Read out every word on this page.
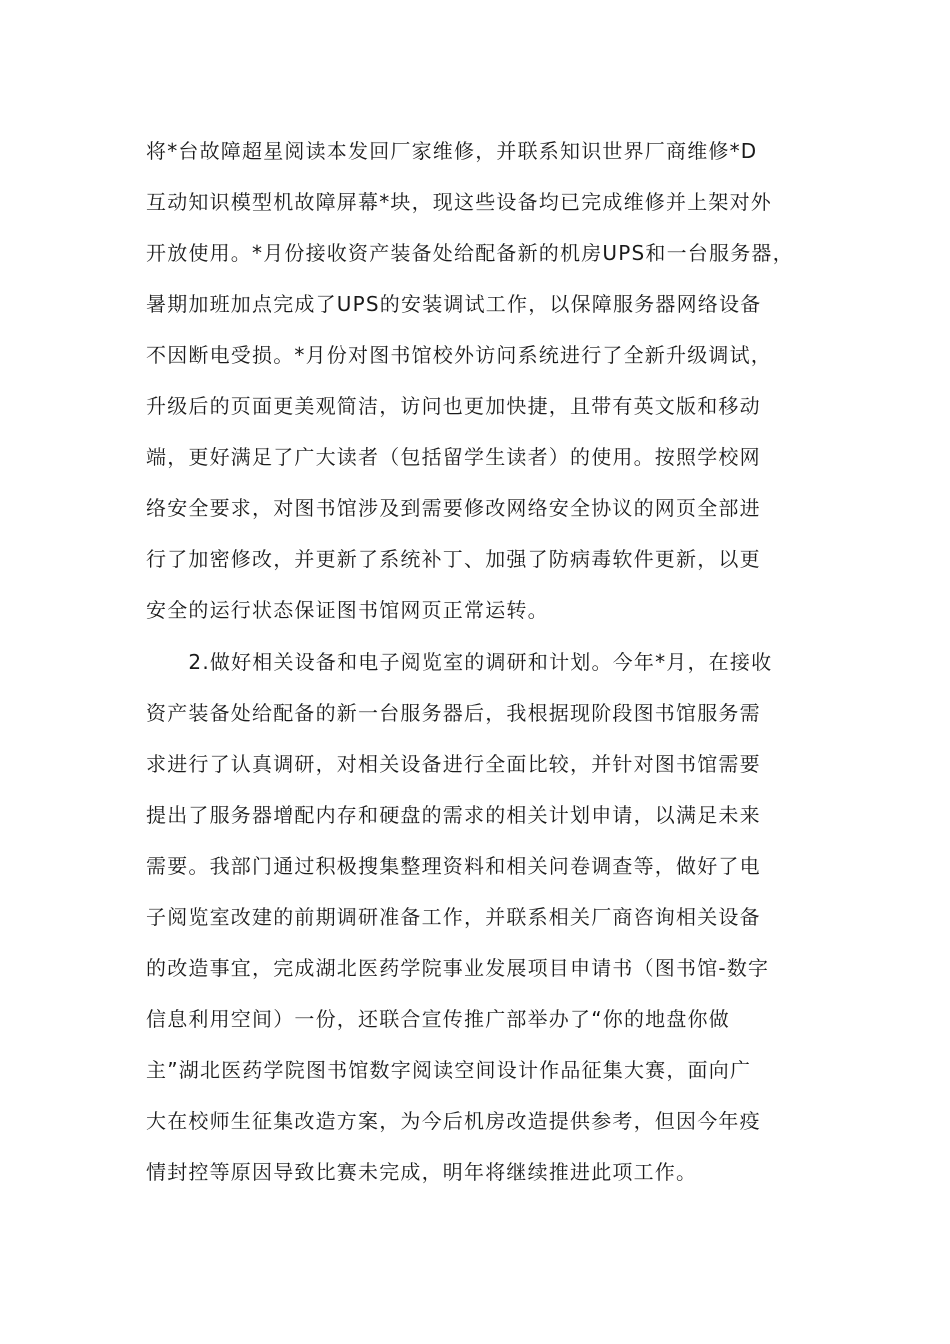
将*台故障超星阅读本发回厂家维修，并联系知识世界厂商维修*D
互动知识模型机故障屏幕*块，现这些设备均已完成维修并上架对外
开放使用。*月份接收资产装备处给配备新的机房UPS和一台服务器，
暑期加班加点完成了UPS的安装调试工作，以保障服务器网络设备
不因断电受损。*月份对图书馆校外访问系统进行了全新升级调试，
升级后的页面更美观简洁，访问也更加快捷，且带有英文版和移动
端，更好满足了广大读者（包括留学生读者）的使用。按照学校网
络安全要求，对图书馆涉及到需要修改网络安全协议的网页全部进
行了加密修改，并更新了系统补丁、加强了防病毒软件更新，以更
安全的运行状态保证图书馆网页正常运转。
　　2.做好相关设备和电子阅览室的调研和计划。今年*月，在接收
资产装备处给配备的新一台服务器后，我根据现阶段图书馆服务需
求进行了认真调研，对相关设备进行全面比较，并针对图书馆需要
提出了服务器增配内存和硬盘的需求的相关计划申请，以满足未来
需要。我部门通过积极搜集整理资料和相关问卷调查等，做好了电
子阅览室改建的前期调研准备工作，并联系相关厂商咨询相关设备
的改造事宜，完成湖北医药学院事业发展项目申请书（图书馆-数字
信息利用空间）一份，还联合宣传推广部举办了“你的地盘你做
主”湖北医药学院图书馆数字阅读空间设计作品征集大赛，面向广
大在校师生征集改造方案，为今后机房改造提供参考，但因今年疫
情封控等原因导致比赛未完成，明年将继续推进此项工作。
